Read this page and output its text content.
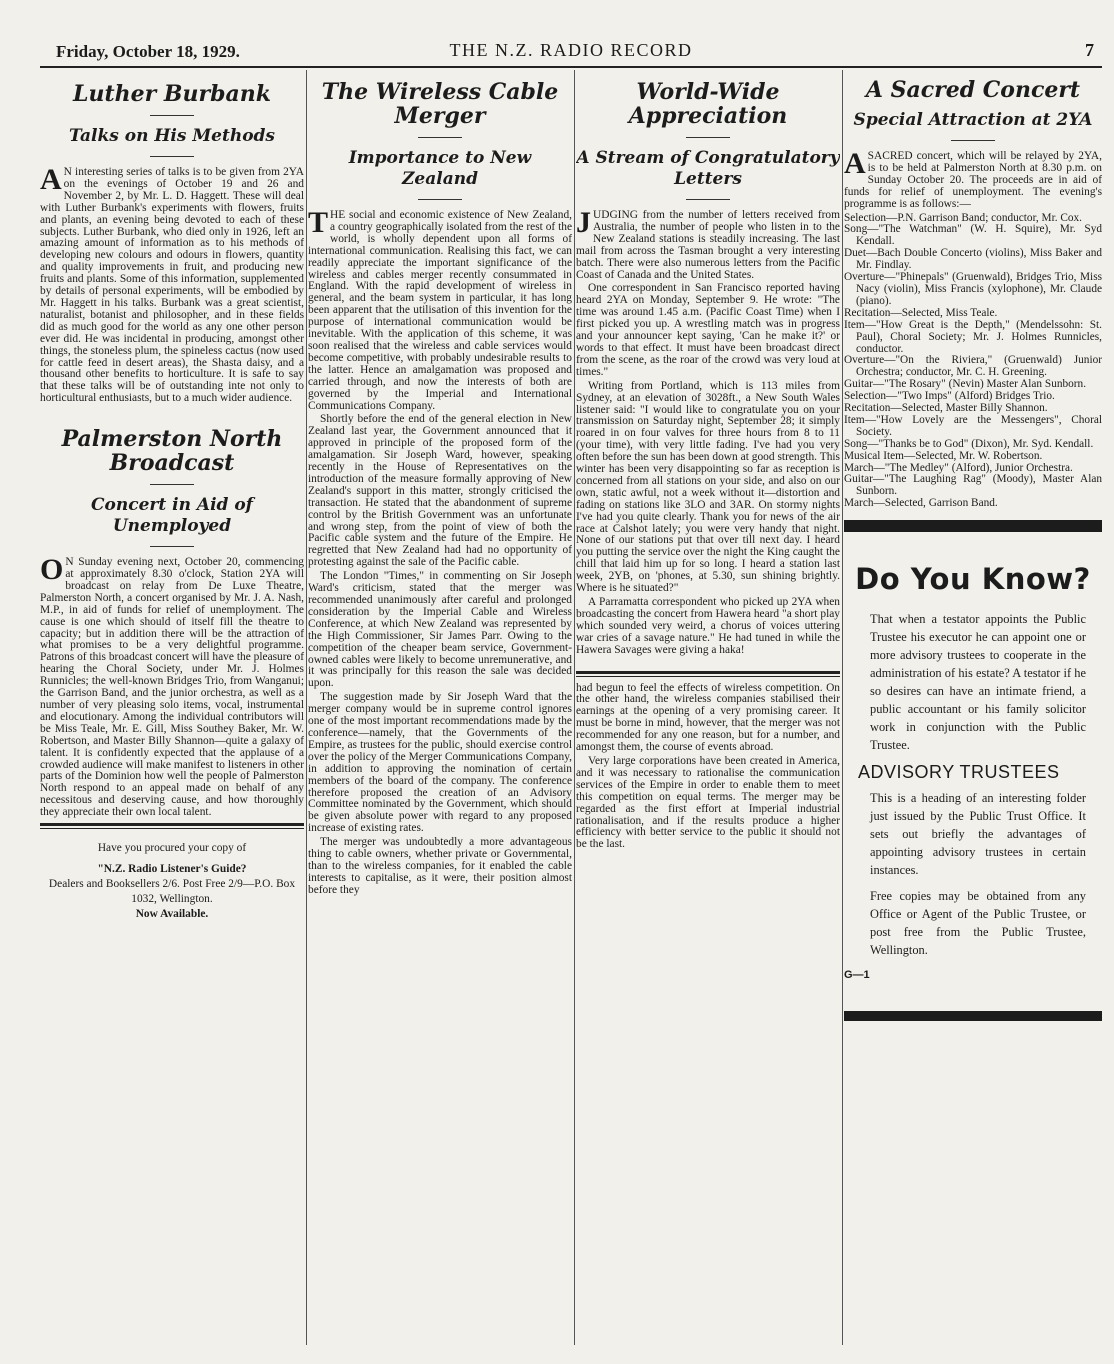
Friday, October 18, 1929.	THE N.Z. RADIO RECORD	7
Luther Burbank
Talks on His Methods

AN interesting series of talks is to be given from 2YA on the evenings of October 19 and 26 and November 2, by Mr. L. D. Haggett. These will deal with Luther Burbank's experiments with flowers, fruits and plants, an evening being devoted to each of these subjects. Luther Burbank, who died only in 1926, left an amazing amount of information as to his methods of developing new colours and odours in flowers, quantity and quality improvements in fruit, and producing new fruits and plants. Some of this information, supplemented by details of personal experiments, will be embodied by Mr. Haggett in his talks. Burbank was a great scientist, naturalist, botanist and philosopher, and in these fields did as much good for the world as any one other person ever did. He was incidental in producing, amongst other things, the stoneless plum, the spineless cactus (now used for cattle feed in desert areas), the Shasta daisy, and a thousand other benefits to horticulture. It is safe to say that these talks will be of outstanding inte not only to horticultural enthusiasts, but to a much wider audience.

Palmerston North Broadcast
Concert in Aid of Unemployed

ON Sunday evening next, October 20, commencing at approximately 8.30 o'clock, Station 2YA will broadcast on relay from De Luxe Theatre, Palmerston North, a concert organised by Mr. J. A. Nash, M.P., in aid of funds for relief of unemployment. The cause is one which should of itself fill the theatre to capacity; but in addition there will be the attraction of what promises to be a very delightful programme. Patrons of this broadcast concert will have the pleasure of hearing the Choral Society, under Mr. J. Holmes Runnicles; the well-known Bridges Trio, from Wanganui; the Garrison Band, and the junior orchestra, as well as a number of very pleasing solo items, vocal, instrumental and elocutionary. Among the individual contributors will be Miss Teale, Mr. E. Gill, Miss Southey Baker, Mr. W. Robertson, and Master Billy Shannon—quite a galaxy of talent. It is confidently expected that the applause of a crowded audience will make manifest to listeners in other parts of the Dominion how well the people of Palmerston North respond to an appeal made on behalf of any necessitous and deserving cause, and how thoroughly they appreciate their own local talent.

Have you procured your copy of

"N.Z. Radio Listener's Guide?

Dealers and Booksellers 2/6. Post Free 2/9—P.O. Box 1032, Wellington.

Now Available.

The Wireless Cable Merger
Importance to New Zealand

THE social and economic existence of New Zealand, a country geographically isolated from the rest of the world, is wholly dependent upon all forms of international communication. Realising this fact, we can readily appreciate the important significance of the wireless and cables merger recently consummated in England. With the rapid development of wireless in general, and the beam system in particular, it has long been apparent that the utilisation of this invention for the purpose of international communication would be inevitable. With the application of this scheme, it was soon realised that the wireless and cable services would become competitive, with probably undesirable results to the latter. Hence an amalgamation was proposed and carried through, and now the interests of both are governed by the Imperial and International Communications Company.

Shortly before the end of the general election in New Zealand last year, the Government announced that it approved in principle of the proposed form of the amalgamation. Sir Joseph Ward, however, speaking recently in the House of Representatives on the introduction of the measure formally approving of New Zealand's support in this matter, strongly criticised the transaction. He stated that the abandonment of supreme control by the British Government was an unfortunate and wrong step, from the point of view of both the Pacific cable system and the future of the Empire. He regretted that New Zealand had had no opportunity of protesting against the sale of the Pacific cable.

The London "Times," in commenting on Sir Joseph Ward's criticism, stated that the merger was recommended unanimously after careful and prolonged consideration by the Imperial Cable and Wireless Conference, at which New Zealand was represented by the High Commissioner, Sir James Parr. Owing to the competition of the cheaper beam service, Government-owned cables were likely to become unremunerative, and it was principally for this reason the sale was decided upon.

The suggestion made by Sir Joseph Ward that the merger company would be in supreme control ignores one of the most important recommendations made by the conference—namely, that the Governments of the Empire, as trustees for the public, should exercise control over the policy of the Merger Communications Company, in addition to approving the nomination of certain members of the board of the company. The conference therefore proposed the creation of an Advisory Committee nominated by the Government, which should be given absolute power with regard to any proposed increase of existing rates.

The merger was undoubtedly a more advantageous thing to cable owners, whether private or Governmental, than to the wireless companies, for it enabled the cable interests to capitalise, as it were, their position almost before they

World-Wide Appreciation
A Stream of Congratulatory Letters

JUDGING from the number of letters received from Australia, the number of people who listen in to the New Zealand stations is steadily increasing. The last mail from across the Tasman brought a very interesting batch. There were also numerous letters from the Pacific Coast of Canada and the United States.

One correspondent in San Francisco reported having heard 2YA on Monday, September 9. He wrote: "The time was around 1.45 a.m. (Pacific Coast Time) when I first picked you up. A wrestling match was in progress and your announcer kept saying, 'Can he make it?' or words to that effect. It must have been broadcast direct from the scene, as the roar of the crowd was very loud at times."

Writing from Portland, which is 113 miles from Sydney, at an elevation of 3028ft., a New South Wales listener said: "I would like to congratulate you on your transmission on Saturday night, September 28; it simply roared in on four valves for three hours from 8 to 11 (your time), with very little fading. I've had you very often before the sun has been down at good strength. This winter has been very disappointing so far as reception is concerned from all stations on your side, and also on our own, static awful, not a week without it—distortion and fading on stations like 3LO and 3AR. On stormy nights I've had you quite clearly. Thank you for news of the air race at Calshot lately; you were very handy that night. None of our stations put that over till next day. I heard you putting the service over the night the King caught the chill that laid him up for so long. I heard a station last week, 2YB, on 'phones, at 5.30, sun shining brightly. Where is he situated?"

A Parramatta correspondent who picked up 2YA when broadcasting the concert from Hawera heard "a short play which sounded very weird, a chorus of voices uttering war cries of a savage nature." He had tuned in while the Hawera Savages were giving a haka!

had begun to feel the effects of wireless competition. On the other hand, the wireless companies stabilised their earnings at the opening of a very promising career. It must be borne in mind, however, that the merger was not recommended for any one reason, but for a number, and amongst them, the course of events abroad.

Very large corporations have been created in America, and it was necessary to rationalise the communication services of the Empire in order to enable them to meet this competition on equal terms. The merger may be regarded as the first effort at Imperial industrial rationalisation, and if the results produce a higher efficiency with better service to the public it should not be the last.

A Sacred Concert
Special Attraction at 2YA

ASACRED concert, which will be relayed by 2YA, is to be held at Palmerston North at 8.30 p.m. on Sunday October 20. The proceeds are in aid of funds for relief of unemployment. The evening's programme is as follows:—

Selection—P.N. Garrison Band; conductor, Mr. Cox.

Song—"The Watchman" (W. H. Squire), Mr. Syd Kendall.

Duet—Bach Double Concerto (violins), Miss Baker and Mr. Findlay.

Overture—"Phinepals" (Gruenwald), Bridges Trio, Miss Nacy (violin), Miss Francis (xylophone), Mr. Claude (piano).

Recitation—Selected, Miss Teale.

Item—"How Great is the Depth," (Mendelssohn: St. Paul), Choral Society; Mr. J. Holmes Runnicles, conductor.

Overture—"On the Riviera," (Gruenwald) Junior Orchestra; conductor, Mr. C. H. Greening.

Guitar—"The Rosary" (Nevin) Master Alan Sunborn.

Selection—"Two Imps" (Alford) Bridges Trio.

Recitation—Selected, Master Billy Shannon.

Item—"How Lovely are the Messengers", Choral Society.

Song—"Thanks be to God" (Dixon), Mr. Syd. Kendall.

Musical Item—Selected, Mr. W. Robertson.

March—"The Medley" (Alford), Junior Orchestra.

Guitar—"The Laughing Rag" (Moody), Master Alan Sunborn.

March—Selected, Garrison Band.

Do You Know?

That when a testator appoints the Public Trustee his executor he can appoint one or more advisory trustees to cooperate in the administration of his estate? A testator if he so desires can have an intimate friend, a public accountant or his family solicitor work in conjunction with the Public Trustee.

ADVISORY TRUSTEES

This is a heading of an interesting folder just issued by the Public Trust Office. It sets out briefly the advantages of appointing advisory trustees in certain instances.

Free copies may be obtained from any Office or Agent of the Public Trustee, or post free from the Public Trustee, Wellington.

G—1
